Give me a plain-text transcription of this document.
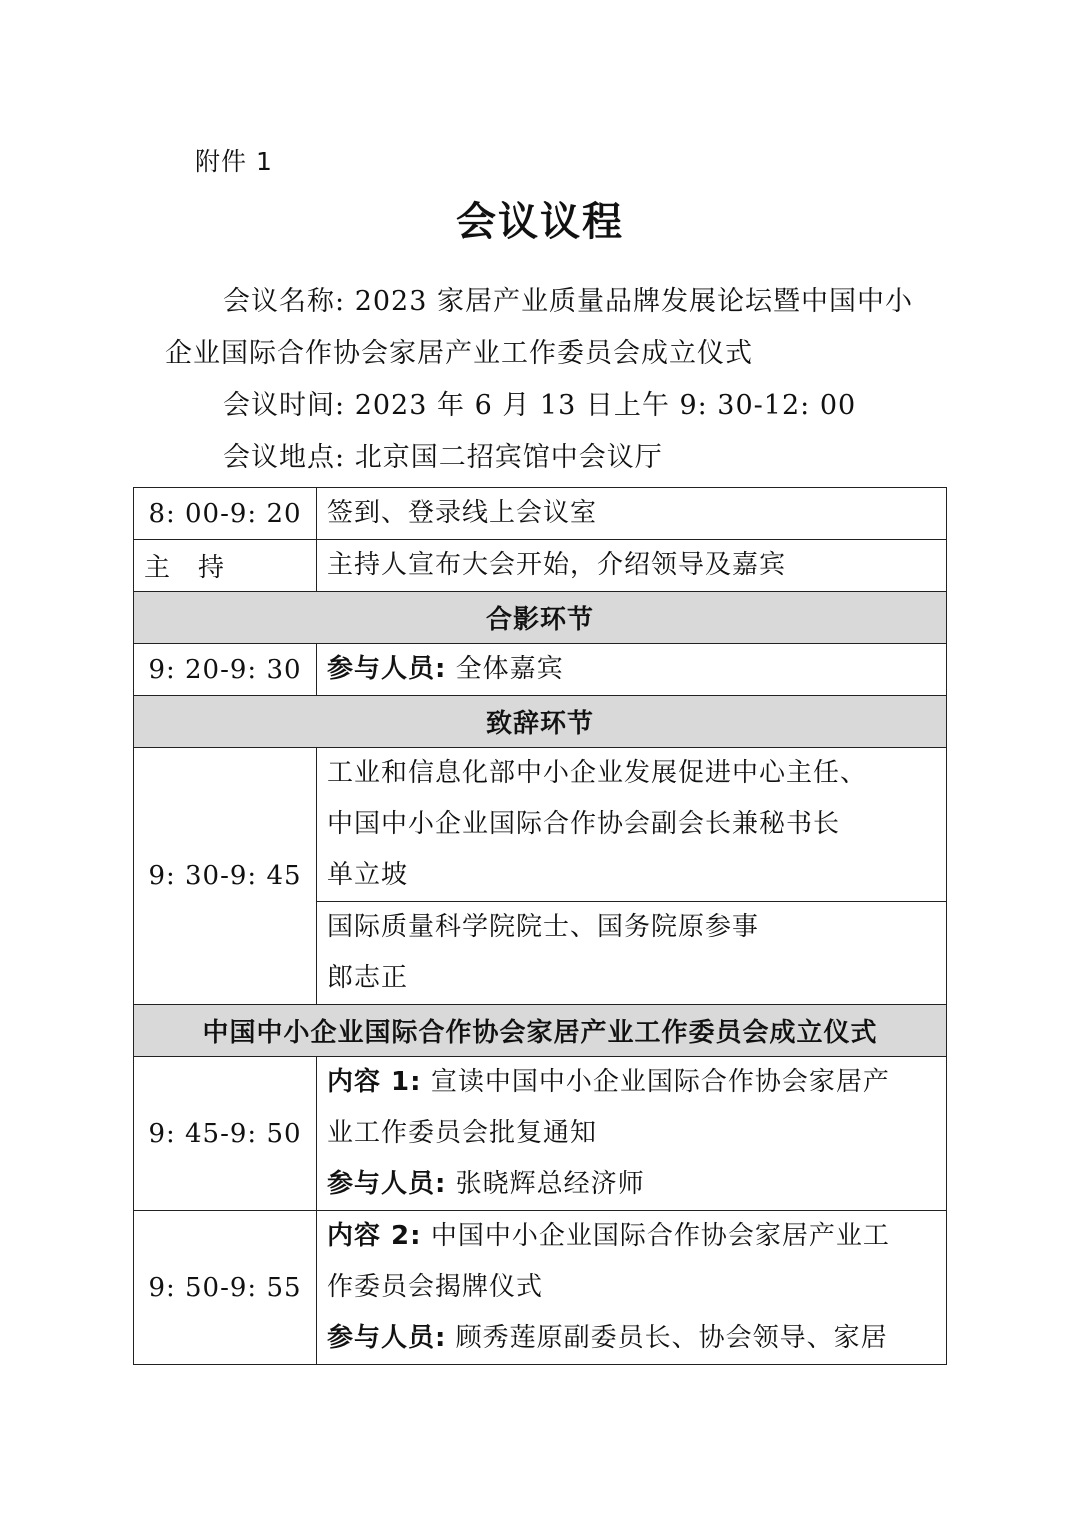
附件 1
会议议程

会议名称: 2023 家居产业质量品牌发展论坛暨中国中小

企业国际合作协会家居产业工作委员会成立仪式

会议时间: 2023 年 6 月 13 日上午 9: 30-12: 00

会议地点: 北京国二招宾馆中会议厅

8: 00-9: 20	签到、登录线上会议室
主　持	主持人宣布大会开始，介绍领导及嘉宾
合影环节	
9: 20-9: 30	参与人员: 全体嘉宾
致辞环节	
9: 30-9: 45	工业和信息化部中小企业发展促进中心主任、
中国中小企业国际合作协会副会长兼秘书长
单立坡

	国际质量科学院院士、国务院原参事
郎志正

中国中小企业国际合作协会家居产业工作委员会成立仪式	
9: 45-9: 50	内容 1: 宣读中国中小企业国际合作协会家居产
业工作委员会批复通知
参与人员: 张晓辉总经济师

9: 50-9: 55	内容 2: 中国中小企业国际合作协会家居产业工
作委员会揭牌仪式
参与人员: 顾秀莲原副委员长、协会领导、家居
